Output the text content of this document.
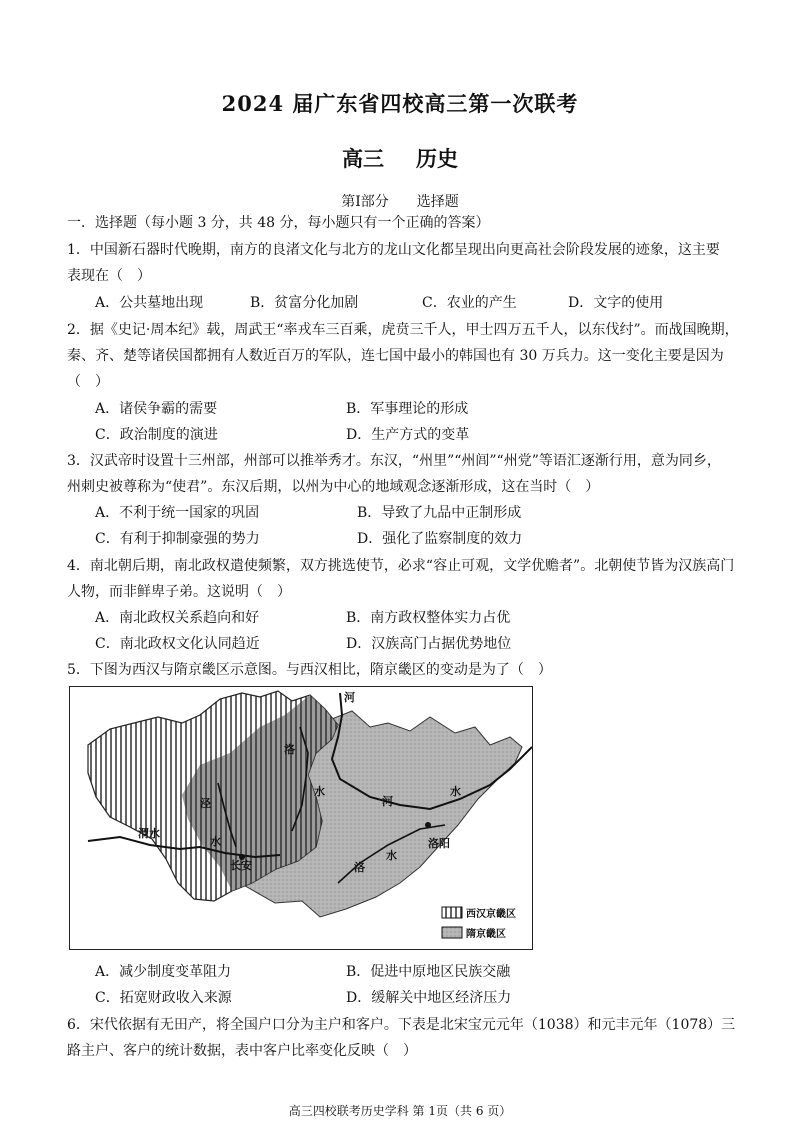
2024 届广东省四校高三第一次联考
高三 历史
第Ⅰ部分 选择题
一．选择题（每小题 3 分，共 48 分，每小题只有一个正确的答案）
1．中国新石器时代晚期，南方的良渚文化与北方的龙山文化都呈现出向更高社会阶段发展的迹象，这主要
表现在（　）
A．公共墓地出现	B．贫富分化加剧	C．农业的产生	D．文字的使用
2．据《史记·周本纪》载，周武王“率戎车三百乘，虎贲三千人，甲士四万五千人，以东伐纣”。而战国晚期，
秦、齐、楚等诸侯国都拥有人数近百万的军队，连七国中最小的韩国也有 30 万兵力。这一变化主要是因为
（　）
A．诸侯争霸的需要	B．军事理论的形成
C．政治制度的演进	D．生产方式的变革
3．汉武帝时设置十三州部，州部可以推举秀才。东汉，“州里”“州闾”“州党”等语汇逐渐行用，意为同乡，
州刺史被尊称为“使君”。东汉后期，以州为中心的地域观念逐渐形成，这在当时（　）
A．不利于统一国家的巩固	B．导致了九品中正制形成
C．有利于抑制豪强的势力	D．强化了监察制度的效力
4．南北朝后期，南北政权遣使频繁，双方挑选使节，必求“容止可观，文学优赡者”。北朝使节皆为汉族高门
人物，而非鲜卑子弟。这说明（　）
A．南北政权关系趋向和好	B．南方政权整体实力占优
C．南北政权文化认同趋近	D．汉族高门占据优势地位
5．下图为西汉与隋京畿区示意图。与西汉相比，隋京畿区的变动是为了（　）
河
洛
水
泾
水
渭水
长安
河
水
洛
水
洛阳
西汉京畿区
隋京畿区
A．减少制度变革阻力	B．促进中原地区民族交融
C．拓宽财政收入来源	D．缓解关中地区经济压力
6．宋代依据有无田产，将全国户口分为主户和客户。下表是北宋宝元元年（1038）和元丰元年（1078）三
路主户、客户的统计数据，表中客户比率变化反映（　）
高三四校联考历史学科 第 1页（共 6 页）
